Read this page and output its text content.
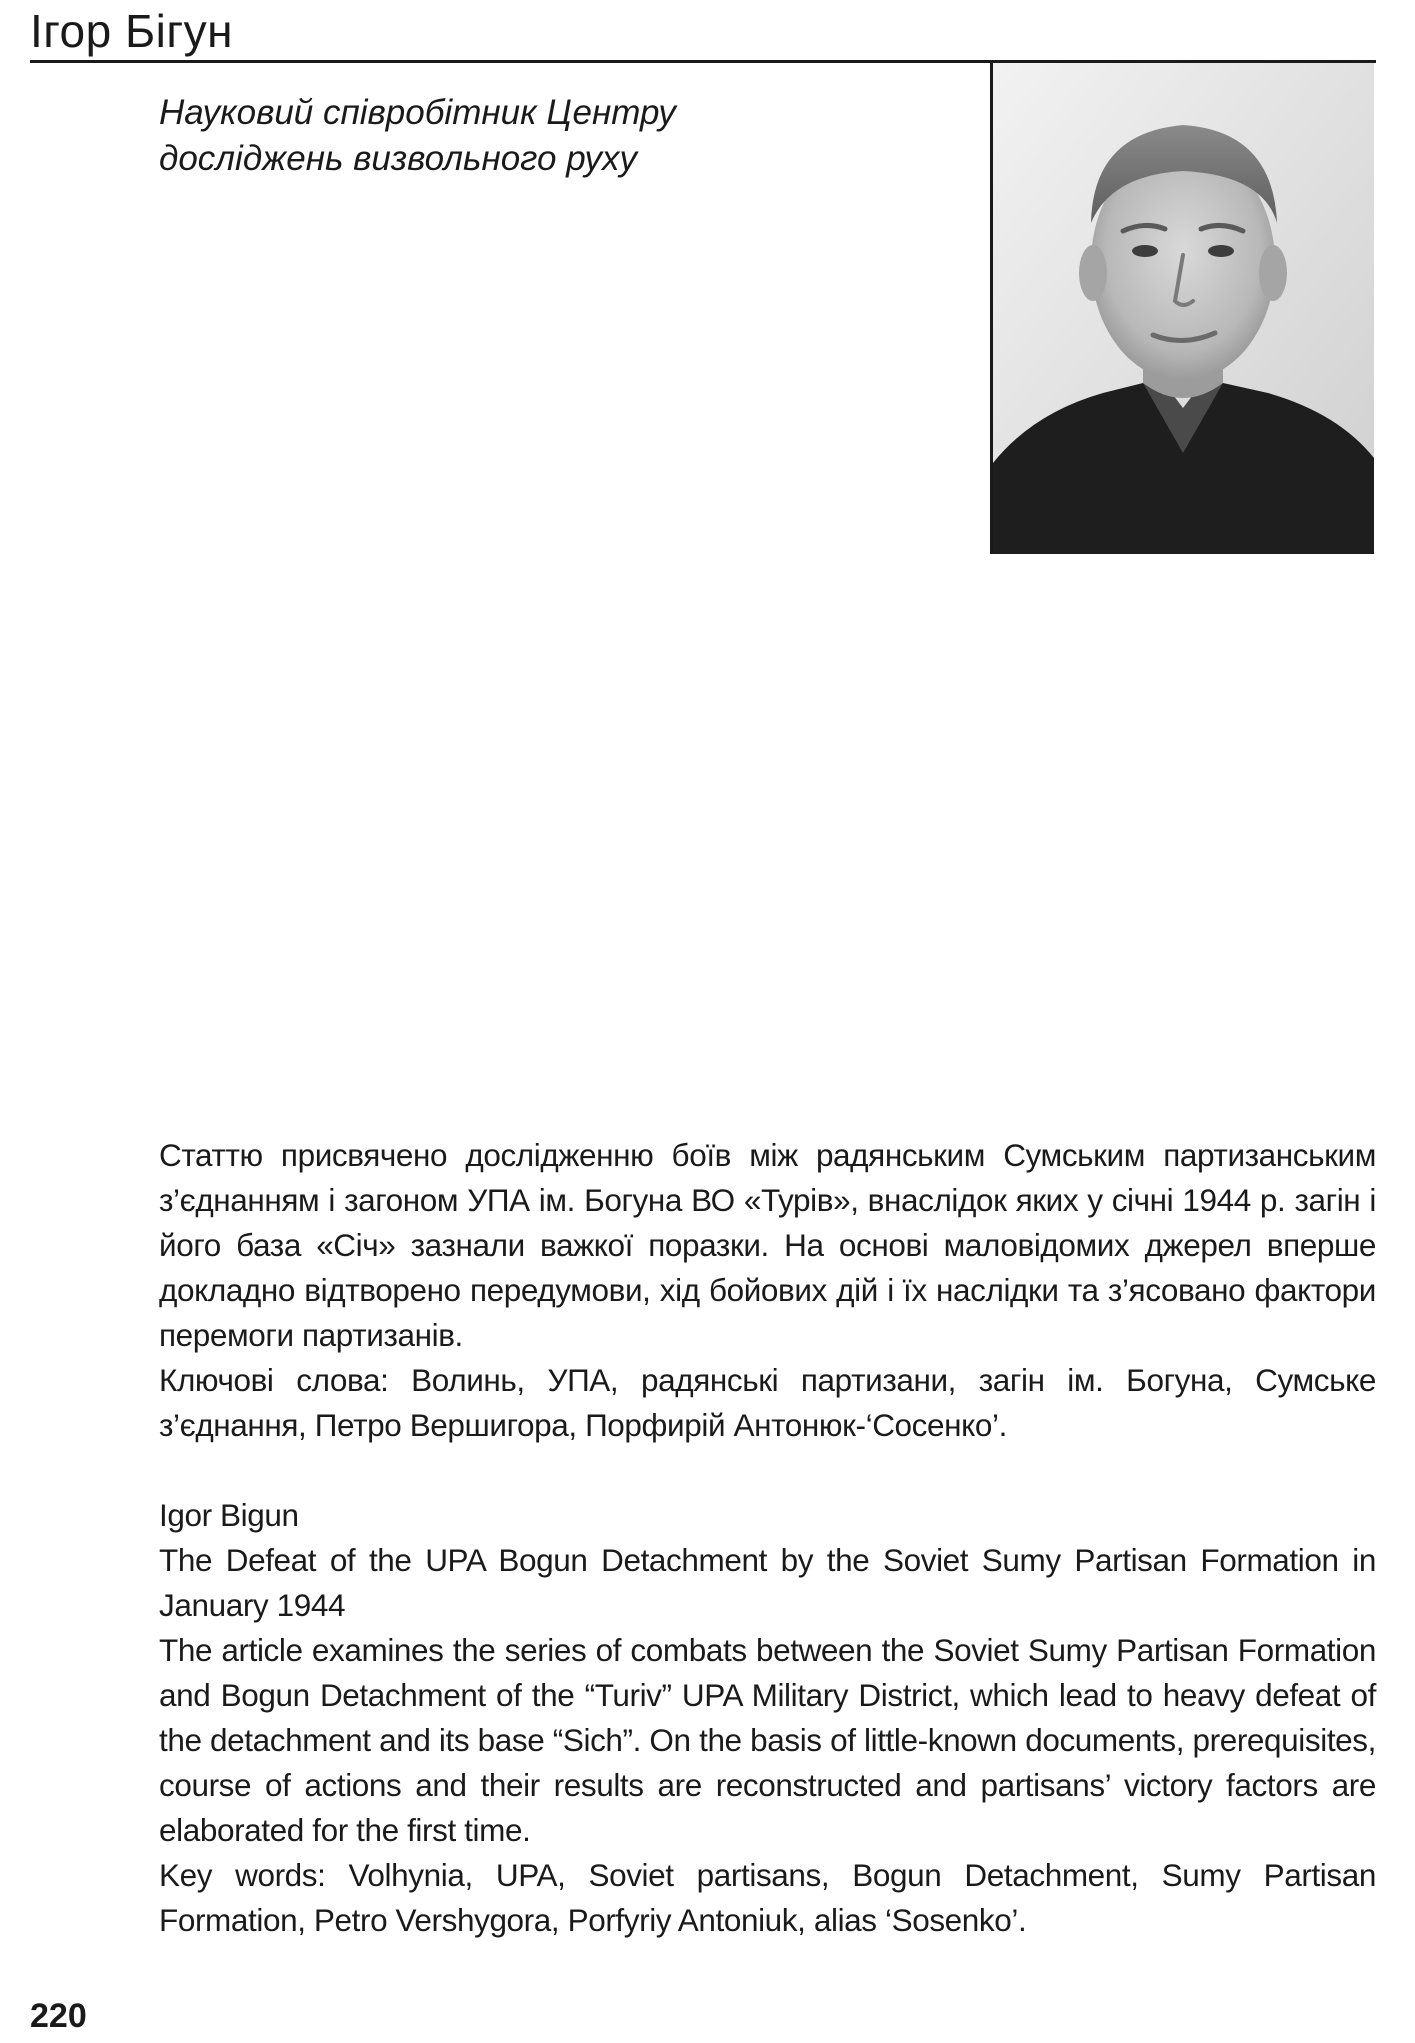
Ігор Бігун
Науковий співробітник Центру
досліджень визвольного руху

Статтю присвячено дослідженню боїв між радянським Сумським партизанським з’єднанням і загоном УПА ім. Богуна ВО «Турів», внаслідок яких у січні 1944 р. загін і його база «Січ» зазнали важкої поразки. На основі маловідомих джерел вперше докладно відтворено передумови, хід бойових дій і їх наслідки та з’ясовано фактори перемоги партизанів.

Ключові слова: Волинь, УПА, радянські партизани, загін ім. Богуна, Сумське з’єднання, Петро Вершигора, Порфирій Антонюк-‘Сосенко’.

Igor Bigun

The Defeat of the UPA Bogun Detachment by the Soviet Sumy Partisan Formation in January 1944

The article examines the series of combats between the Soviet Sumy Partisan Formation and Bogun Detachment of the “Turiv” UPA Military District, which lead to heavy defeat of the detachment and its base “Sich”. On the basis of little-known documents, prerequisites, course of actions and their results are reconstructed and partisans’ victory factors are elaborated for the first time.

Key words: Volhynia, UPA, Soviet partisans, Bogun Detachment, Sumy Partisan Formation, Petro Vershygora, Porfyriy Antoniuk, alias ‘Sosenko’.

220
